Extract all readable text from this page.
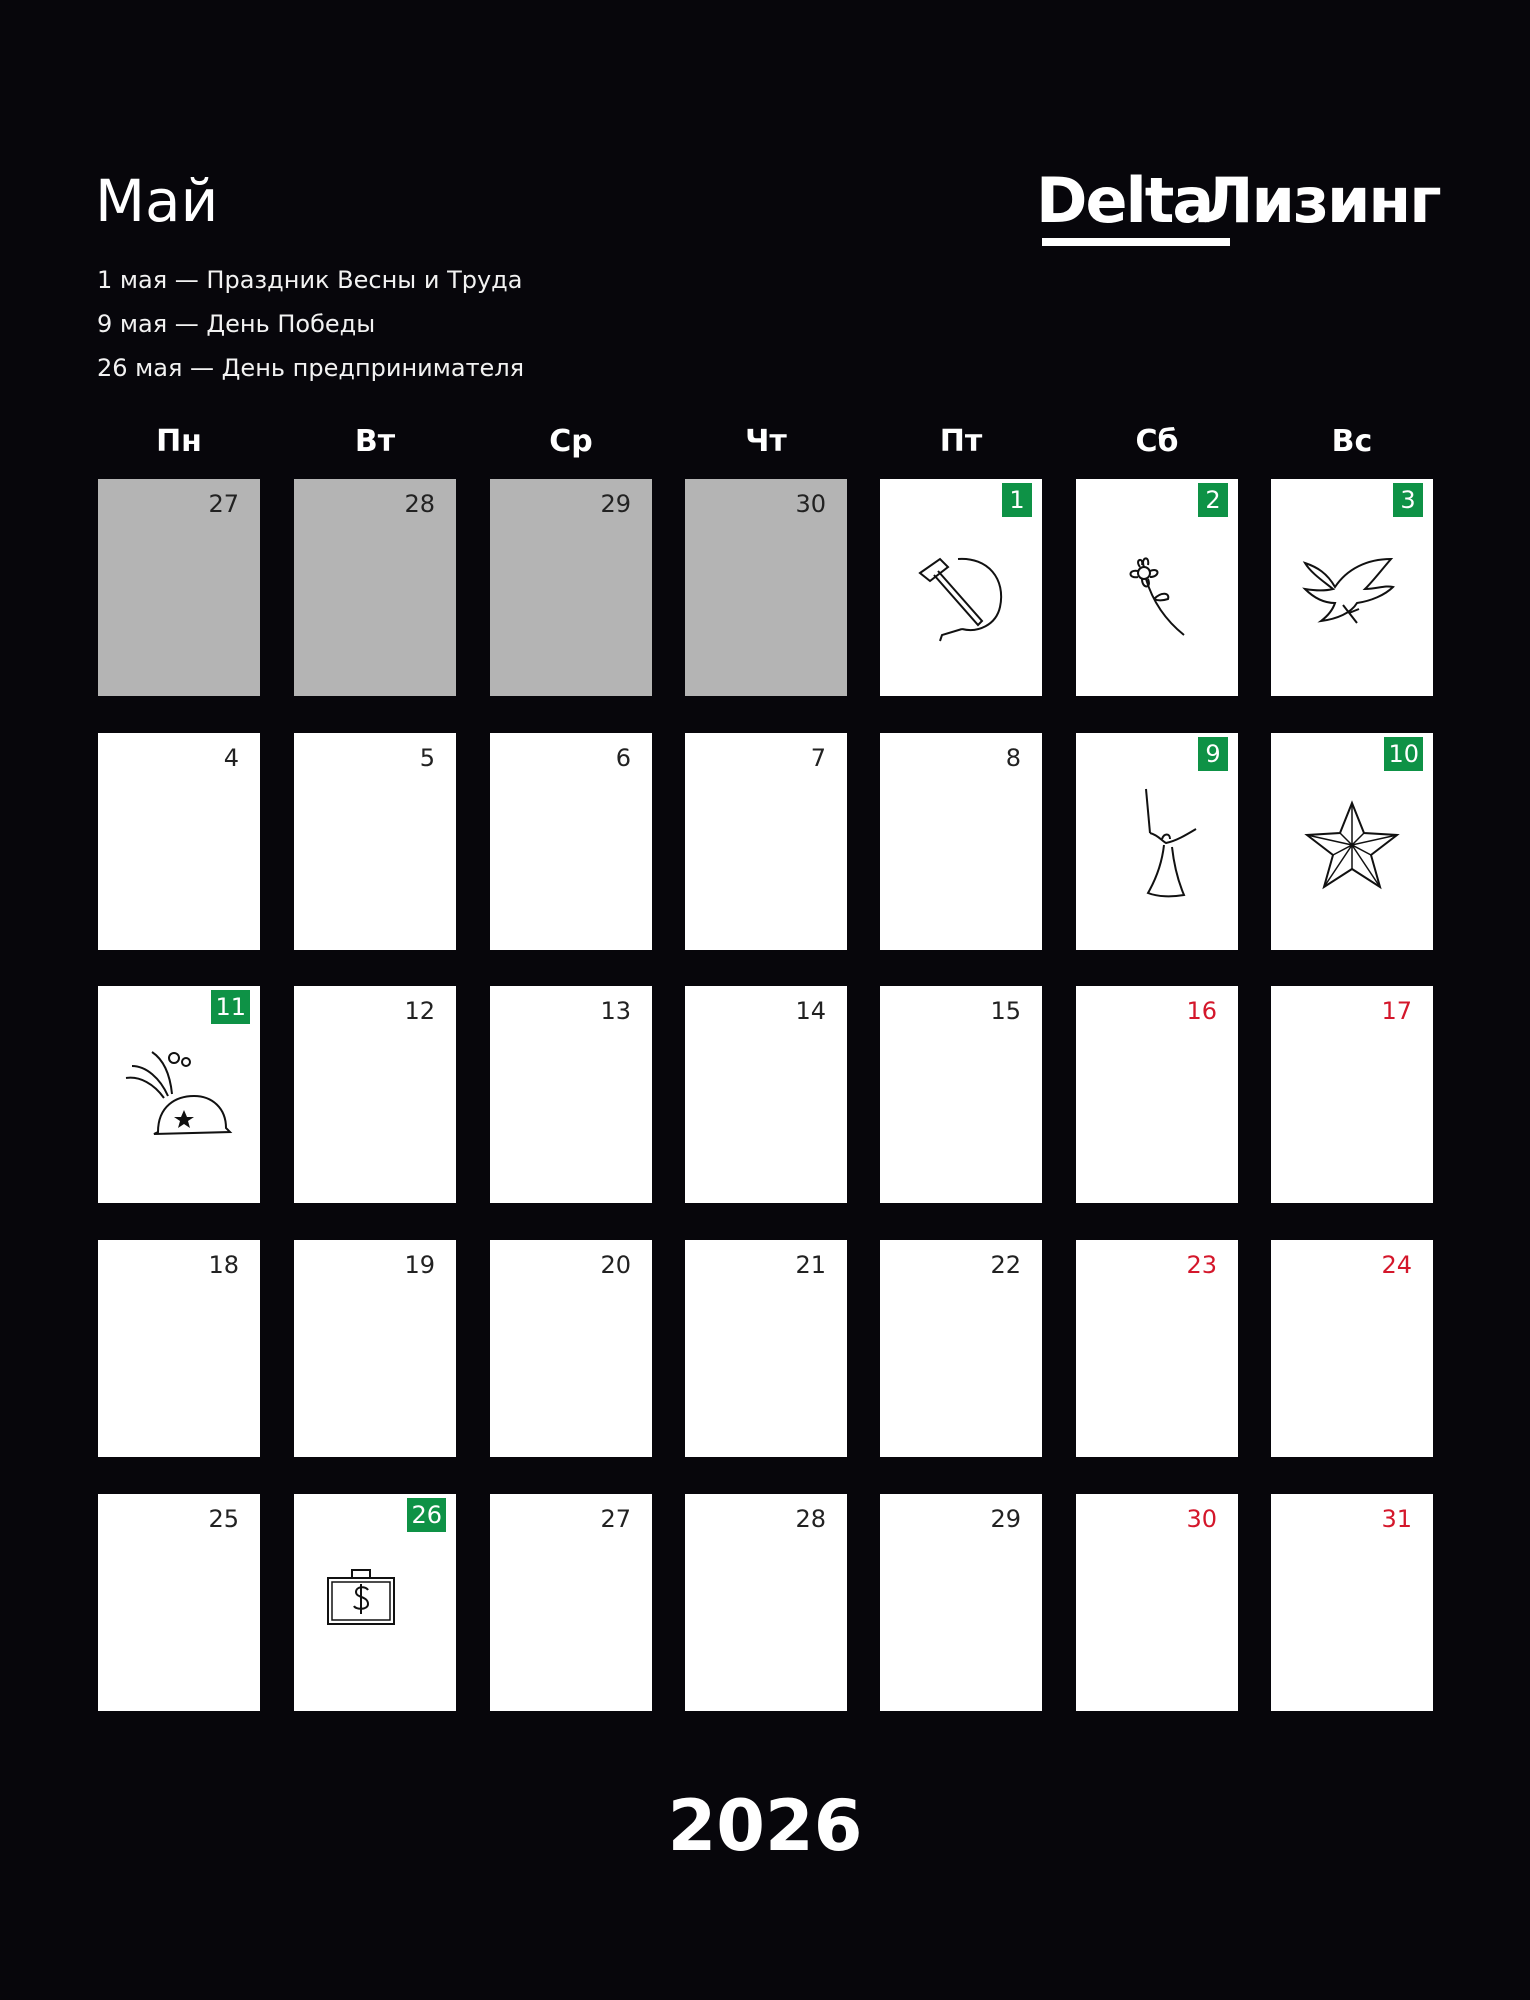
Май
1 мая — Праздник Весны и Труда
9 мая — День Победы
26 мая — День предпринимателя
Delta
Лизинг
Пн	Вт	Ср	Чт	Пт	Сб	Вс
27	28	29	30	1	2	3
4	5	6	7	8	9	10
11	12	13	14	15	16	17
18	19	20	21	22	23	24
25	26	27	28	29	30	31
2026
